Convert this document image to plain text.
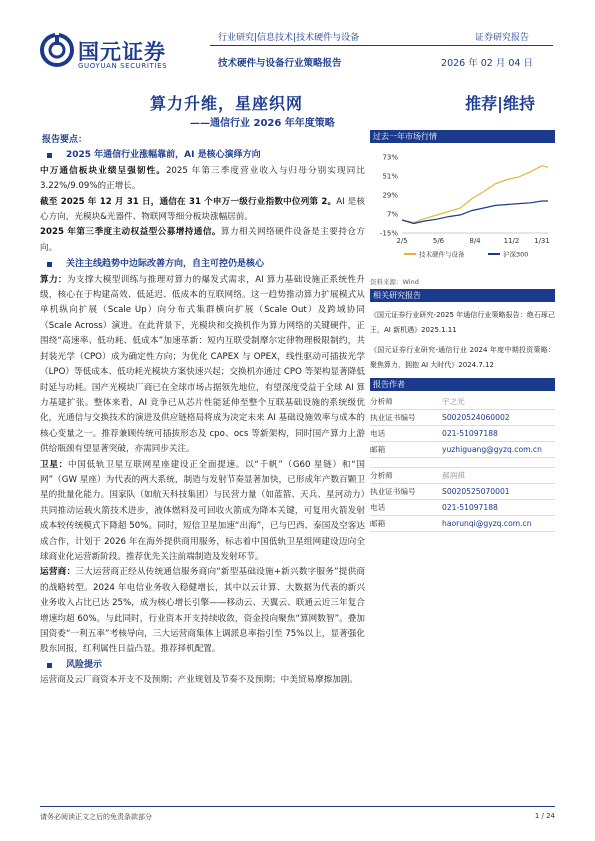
国元证券
GUOYUAN SECURITIES
行业研究|信息技术|技术硬件与设备	证券研究报告
技术硬件与设备行业策略报告	2026 年 02 月 04 日
算力升维，星座织网	推荐|维持
——通信行业 2026 年年度策略
报告要点：
2025 年通信行业涨幅靠前，AI 是核心演绎方向

中万通信板块业绩呈强韧性。2025 年第三季度营业收入与归母分别实现同比 3.22%/9.09%的正增长。

截至 2025 年 12 月 31 日，通信在 31 个申万一级行业指数中位列第 2。AI 是核心方向，光模块&光器件、物联网等细分板块涨幅居前。

2025 年第三季度主动权益型公募增持通信。算力相关网络硬件设备是主要持仓方向。

关注主线趋势中边际改善方向，自主可控仍是核心

算力：为支撑大模型训练与推理对算力的爆发式需求，AI 算力基础设施正系统性升级，核心在于构建高效、低延迟、低成本的互联网络。这一趋势推动算力扩展模式从单机纵向扩展（Scale Up）向分布式集群横向扩展（Scale Out）及跨域协同（Scale Across）演进。在此背景下，光模块和交换机作为算力网络的关键硬件，正围绕“高速率、低功耗、低成本”加速革新：短内互联受制摩尔定律物理极限制约，共封装光学（CPO）成为确定性方向；为优化 CAPEX 与 OPEX，线性驱动可插拔光学（LPO）等低成本、低功耗光模块方案快速兴起；交换机亦通过 CPO 等架构显著降低时延与功耗。国产光模块厂商已在全球市场占据领先地位，有望深度受益于全球 AI 算力基建扩张。整体来看，AI 竞争已从芯片性能延伸至整个互联基础设施的系统级优化，光通信与交换技术的演进及供应链格局将成为决定未来 AI 基础设施效率与成本的核心变量之一。推荐兼顾传统可插拔形态及 cpo、ocs 等新架构，同时国产算力上游供给瓶颈有望显著突破，亦需同步关注。

卫星：中国低轨卫星互联网星座建设正全面提速。以“千帆”（G60 星链）和“国网”（GW 星座）为代表的两大系统，制造与发射节奏显著加快，已形成年产数百颗卫星的批量化能力。国家队（如航天科技集团）与民营力量（如蓝箭、天兵、星河动力）共同推动运载火箭技术进步，液体燃料及可回收火箭成为降本关键，可复用火箭发射成本较传统模式下降超 50%。同时，短信卫星加速“出海”，已与巴西、泰国及空客达成合作，计划于 2026 年在海外提供商用服务，标志着中国低轨卫星组网建设迈向全球商业化运营新阶段。推荐优先关注前端制造及发射环节。

运营商：三大运营商正经从传统通信服务商向“新型基础设施+新兴数字服务”提供商的战略转型。2024 年电信业务收入稳健增长，其中以云计算、大数据为代表的新兴业务收入占比已达 25%，成为核心增长引擎——移动云、天翼云、联通云近三年复合增速均超 60%。与此同时，行业资本开支持续收敛，资金投向聚焦“算网数智”。叠加国资委“一利五率”考核导向，三大运营商集体上调派息率指引至 75%以上，显著强化股东回报，红利属性日益凸显。推荐择机配置。

风险提示

运营商及云厂商资本开支不及预期；产业规划及节奏不及预期；中美贸易摩擦加剧。

过去一年市场行情
73%
51%
29%
7%
-15%
2/5	5/6	8/4	11/2 1/31
技术硬件与设备	沪深300
资料来源：Wind
相关研究报告

《国元证券行业研究-2025 年通信行业策略报告：绝石琢己王，AI 新机遇》2025.1.11

《国元证券行业研究-通信行业 2024 年度中期投资策略：聚焦算力，拥抱 AI 大时代》2024.7.12

报告作者
分析师	宇之光
执业证书编号	S0020524060002
电话	021-51097188
邮箱	yuzhiguang@gyzq.com.cn
分析师	郝润祺
执业证书编号	S0020525070001
电话	021-51097188
邮箱	haorunqi@gyzq.com.cn
请务必阅读正文之后的免责条款部分	1 / 24
